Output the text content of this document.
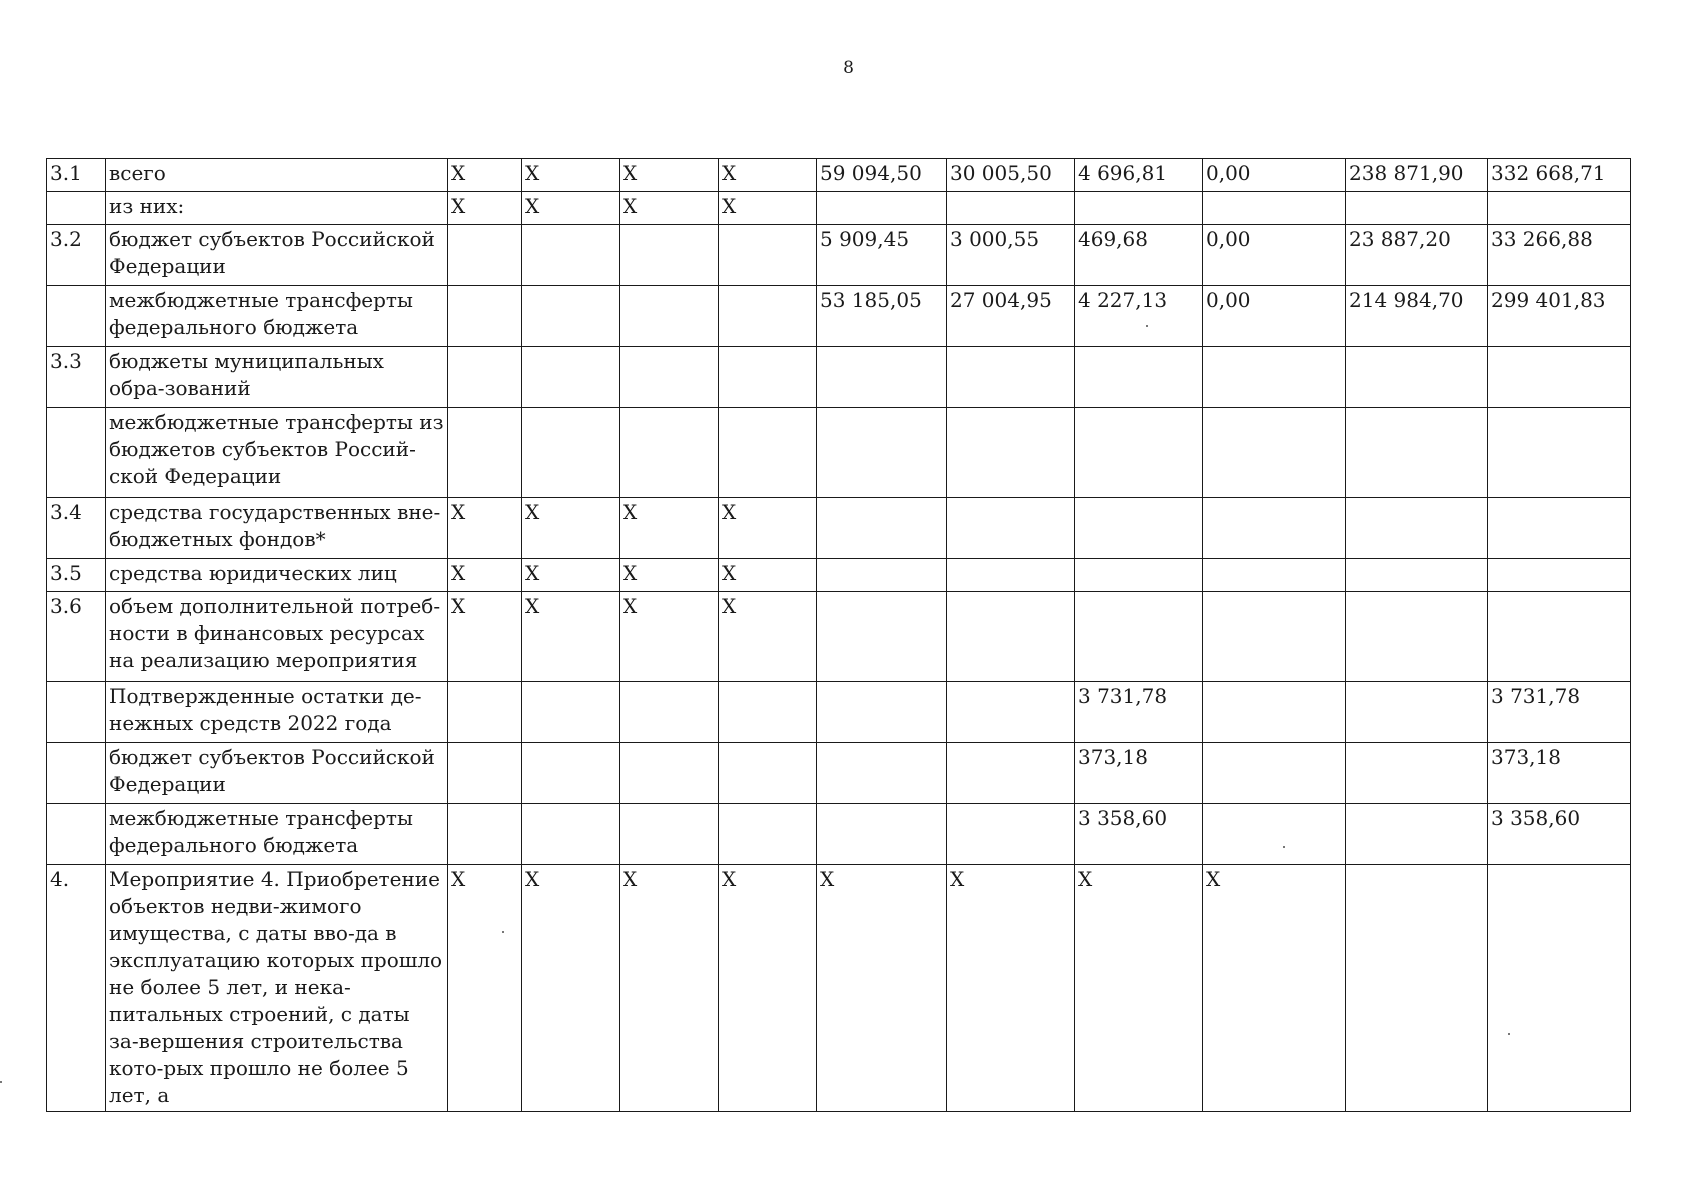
8
3.1	всего	Х	Х	Х	Х	59 094,50	30 005,50	4 696,81	0,00	238 871,90	332 668,71
	из них:	Х	Х	Х	Х						
3.2	бюджет субъектов Российской Федерации					5 909,45	3 000,55	469,68	0,00	23 887,20	33 266,88
	межбюджетные трансферты федерального бюджета					53 185,05	27 004,95	4 227,13	0,00	214 984,70	299 401,83
3.3	бюджеты муниципальных обра-зований										
	межбюджетные трансферты из бюджетов субъектов Россий-ской Федерации										
3.4	средства государственных вне-бюджетных фондов*	Х	Х	Х	Х						
3.5	средства юридических лиц	Х	Х	Х	Х						
3.6	объем дополнительной потреб-ности в финансовых ресурсах на реализацию мероприятия	Х	Х	Х	Х						
	Подтвержденные остатки де-нежных средств 2022 года							3 731,78			3 731,78
	бюджет субъектов Российской Федерации							373,18			373,18
	межбюджетные трансферты федерального бюджета							3 358,60			3 358,60
4.	Мероприятие 4. Приобретение объектов недви-жимого имущества, с даты вво-да в эксплуатацию которых прошло не более 5 лет, и нека-питальных строений, с даты за-вершения строительства кото-рых прошло не более 5 лет, а	Х	Х	Х	Х	Х	Х	Х	Х		
